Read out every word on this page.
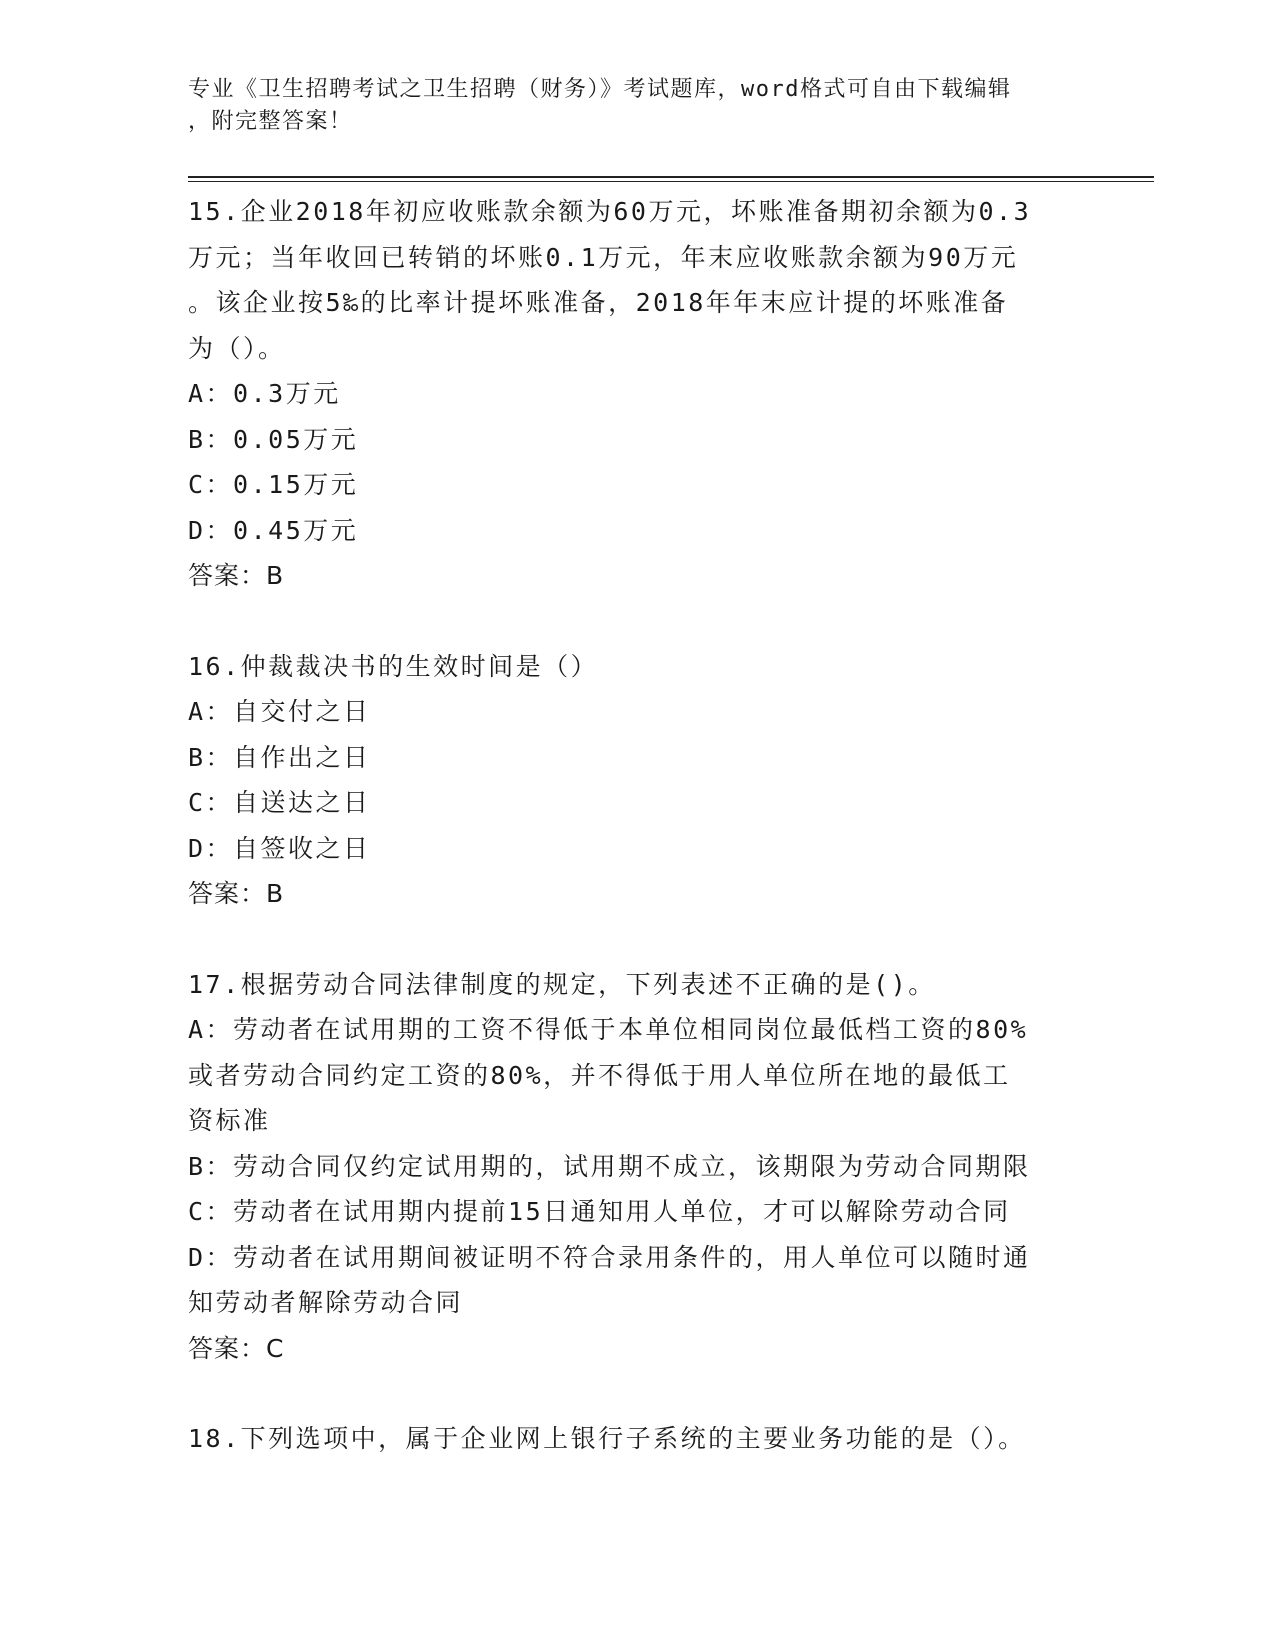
专业《卫生招聘考试之卫生招聘（财务）》考试题库，word格式可自由下载编辑
，附完整答案！
15.企业2018年初应收账款余额为60万元，坏账准备期初余额为0.3
万元；当年收回已转销的坏账0.1万元，年末应收账款余额为90万元
。该企业按5‰的比率计提坏账准备，2018年年末应计提的坏账准备
为（）。
A：0.3万元
B：0.05万元
C：0.15万元
D：0.45万元
答案：B
16.仲裁裁决书的生效时间是（）
A：自交付之日
B：自作出之日
C：自送达之日
D：自签收之日
答案：B
17.根据劳动合同法律制度的规定，下列表述不正确的是()。
A：劳动者在试用期的工资不得低于本单位相同岗位最低档工资的80%
或者劳动合同约定工资的80%，并不得低于用人单位所在地的最低工
资标准
B：劳动合同仅约定试用期的，试用期不成立，该期限为劳动合同期限
C：劳动者在试用期内提前15日通知用人单位，才可以解除劳动合同
D：劳动者在试用期间被证明不符合录用条件的，用人单位可以随时通
知劳动者解除劳动合同
答案：C
18.下列选项中，属于企业网上银行子系统的主要业务功能的是（）。
